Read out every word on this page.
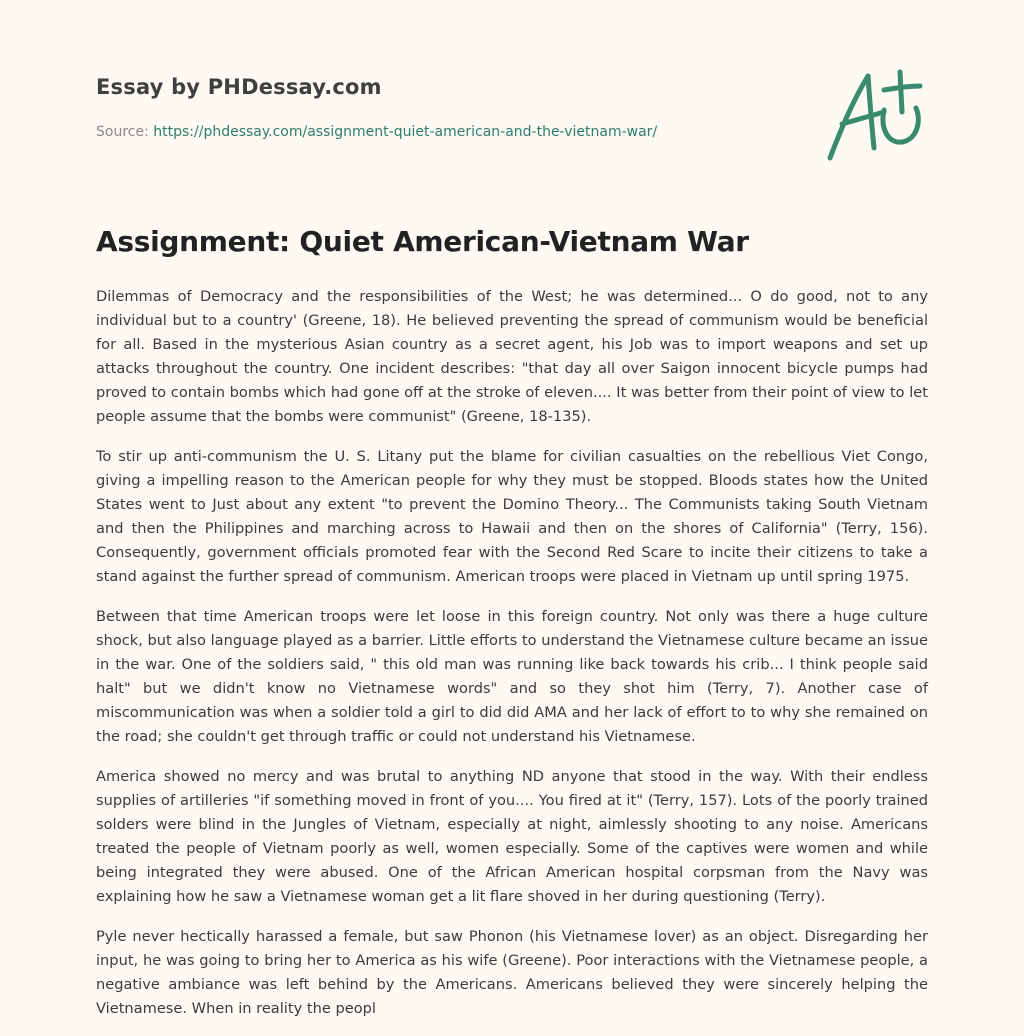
Essay by PHDessay.com

Source: https://phdessay.com/assignment-quiet-american-and-the-vietnam-war/

Assignment: Quiet American-Vietnam War

Dilemmas of Democracy and the responsibilities of the West; he was determined... O do good, not to any individual but to a country' (Greene, 18). He believed preventing the spread of communism would be beneficial for all. Based in the mysterious Asian country as a secret agent, his Job was to import weapons and set up attacks throughout the country. One incident describes: "that day all over Saigon innocent bicycle pumps had proved to contain bombs which had gone off at the stroke of eleven.... It was better from their point of view to let people assume that the bombs were communist" (Greene, 18-135).

To stir up anti-communism the U. S. Litany put the blame for civilian casualties on the rebellious Viet Congo, giving a impelling reason to the American people for why they must be stopped. Bloods states how the United States went to Just about any extent "to prevent the Domino Theory... The Communists taking South Vietnam and then the Philippines and marching across to Hawaii and then on the shores of California" (Terry, 156). Consequently, government officials promoted fear with the Second Red Scare to incite their citizens to take a stand against the further spread of communism. American troops were placed in Vietnam up until spring 1975.

Between that time American troops were let loose in this foreign country. Not only was there a huge culture shock, but also language played as a barrier. Little efforts to understand the Vietnamese culture became an issue in the war. One of the soldiers said, " this old man was running like back towards his crib... I think people said halt" but we didn't know no Vietnamese words" and so they shot him (Terry, 7). Another case of miscommunication was when a soldier told a girl to did did AMA and her lack of effort to to why she remained on the road; she couldn't get through traffic or could not understand his Vietnamese.

America showed no mercy and was brutal to anything ND anyone that stood in the way. With their endless supplies of artilleries "if something moved in front of you.... You fired at it" (Terry, 157). Lots of the poorly trained solders were blind in the Jungles of Vietnam, especially at night, aimlessly shooting to any noise. Americans treated the people of Vietnam poorly as well, women especially. Some of the captives were women and while being integrated they were abused. One of the African American hospital corpsman from the Navy was explaining how he saw a Vietnamese woman get a lit flare shoved in her during questioning (Terry).

Pyle never hectically harassed a female, but saw Phonon (his Vietnamese lover) as an object. Disregarding her input, he was going to bring her to America as his wife (Greene). Poor interactions with the Vietnamese people, a negative ambiance was left behind by the Americans. Americans believed they were sincerely helping the Vietnamese. When in reality the peopl
